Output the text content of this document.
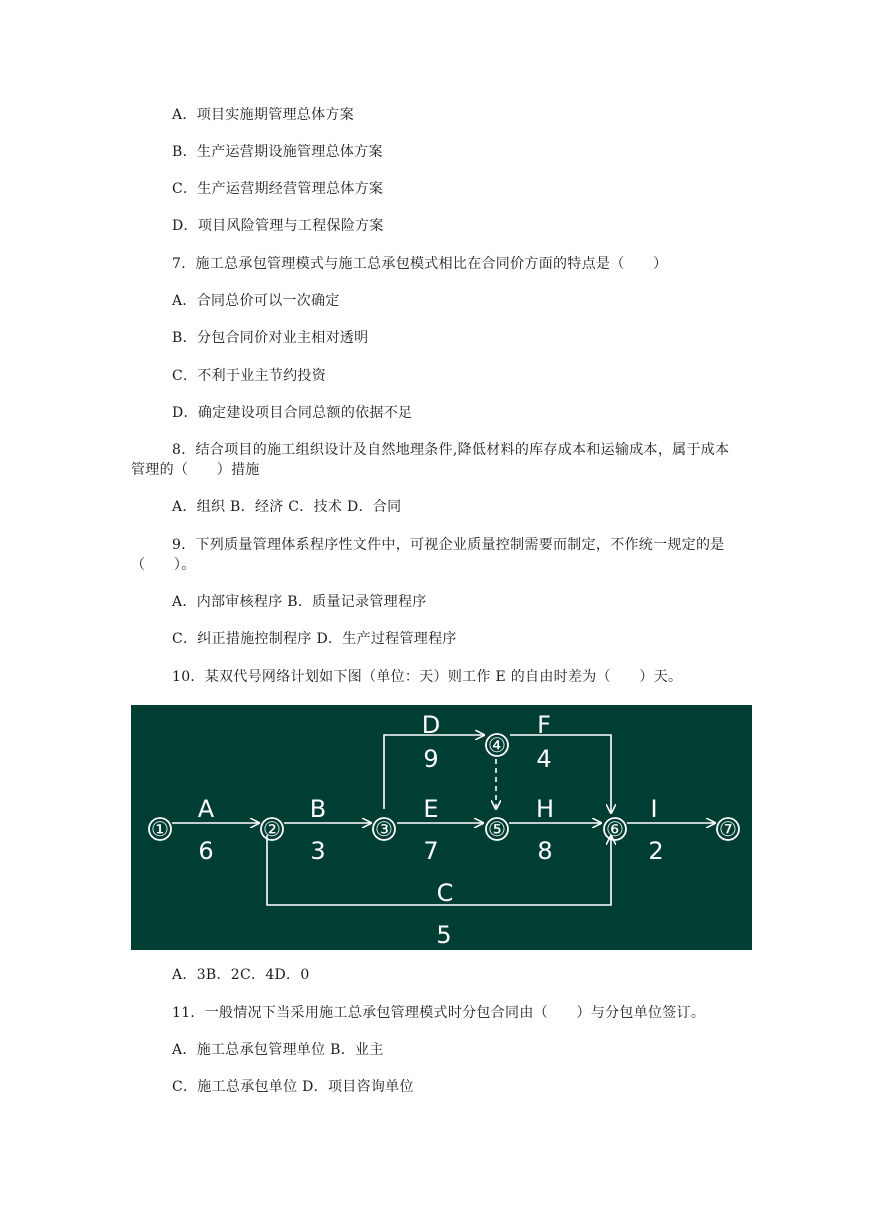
A．项目实施期管理总体方案
B．生产运营期设施管理总体方案
C．生产运营期经营管理总体方案
D．项目风险管理与工程保险方案
7．施工总承包管理模式与施工总承包模式相比在合同价方面的特点是（　　）
A．合同总价可以一次确定
B．分包合同价对业主相对透明
C．不利于业主节约投资
D．确定建设项目合同总额的依据不足
8．结合项目的施工组织设计及自然地理条件,降低材料的库存成本和运输成本，属于成本管理的（　　）措施
A．组织 B．经济 C．技术 D．合同
9．下列质量管理体系程序性文件中，可视企业质量控制需要而制定，不作统一规定的是（　　）。
A．内部审核程序 B．质量记录管理程序
C．纠正措施控制程序 D．生产过程管理程序
10．某双代号网络计划如下图（单位：天）则工作 E 的自由时差为（　　）天。
①	②	③
④
⑤	⑥	⑦
A
6
B
3
D
9
F
4
E
7
H
8
I
2
C
5
A．3B．2C．4D．0
11．一般情况下当采用施工总承包管理模式时分包合同由（　　）与分包单位签订。
A．施工总承包管理单位 B．业主
C．施工总承包单位 D．项目咨询单位
